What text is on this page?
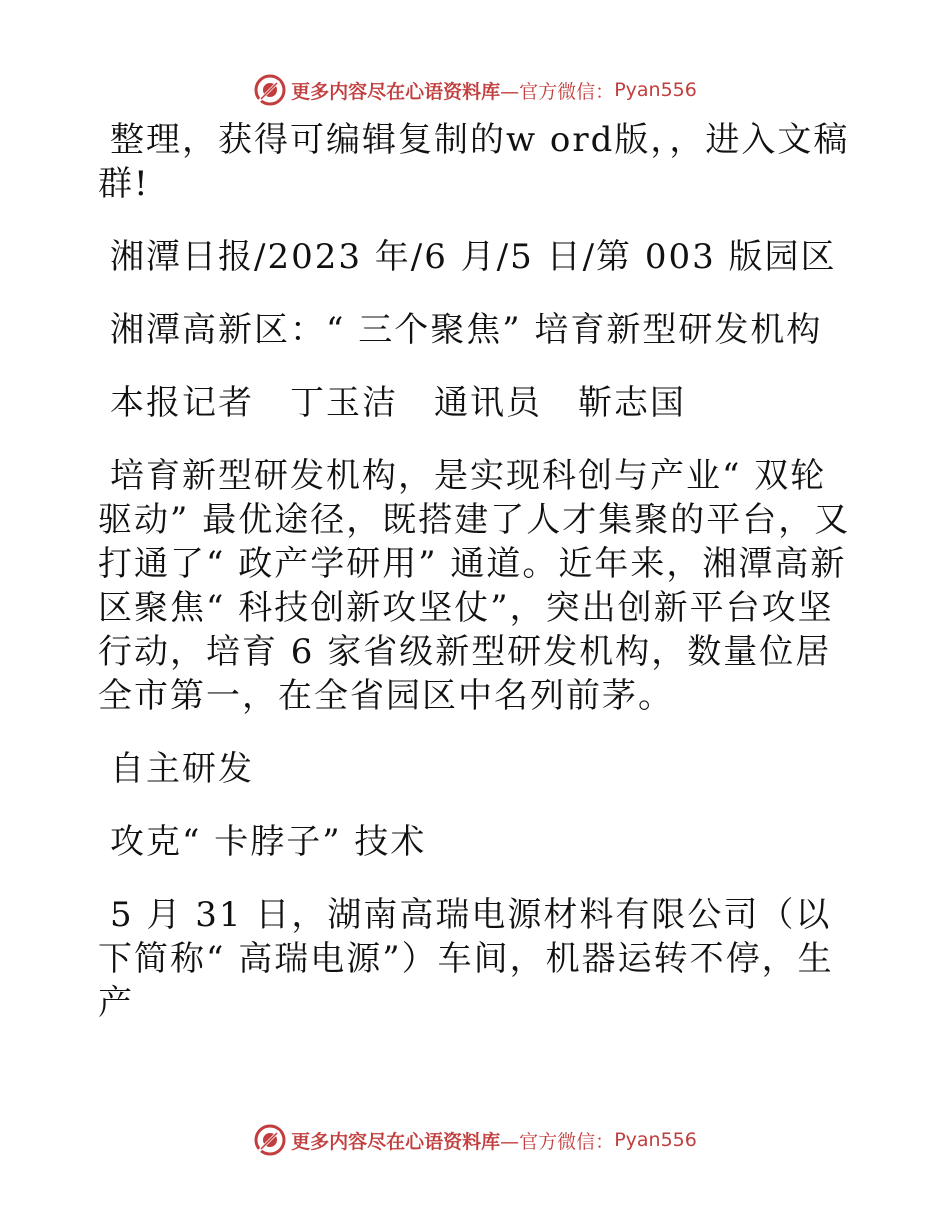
更多内容尽在心语资料库 —官方微信： Pyan556

整理，获得可编辑复制的w ord版，，进入文稿群!

湘潭日报/2023 年/6 月/5 日/第 003 版园区

湘潭高新区：“ 三个聚焦” 培育新型研发机构

本报记者　丁玉洁　通讯员　靳志国

培育新型研发机构，是实现科创与产业“ 双轮驱动” 最优途径，既搭建了人才集聚的平台，又打通了“ 政产学研用” 通道。近年来，湘潭高新区聚焦“ 科技创新攻坚仗”，突出创新平台攻坚行动，培育 6 家省级新型研发机构，数量位居全市第一，在全省园区中名列前茅。

自主研发

攻克“ 卡脖子” 技术

5 月 31 日，湖南高瑞电源材料有限公司（以下简称“ 高瑞电源”）车间，机器运转不停，生产

更多内容尽在心语资料库 —官方微信： Pyan556
